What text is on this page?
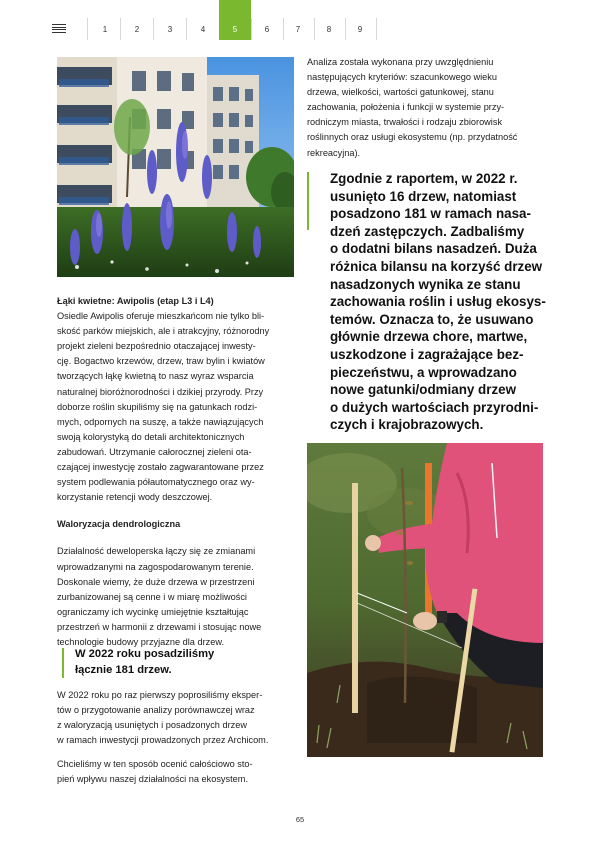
1	2	3	4	5	6	7	8	9

Analiza została wykonana przy uwzględnieniu

następujących kryteriów: szacunkowego wieku

drzewa, wielkości, wartości gatunkowej, stanu

zachowania, położenia i funkcji w systemie przy-

rodniczym miasta, trwałości i rodzaju zbiorowisk

roślinnych oraz usługi ekosystemu (np. przydatność

rekreacyjna).

Zgodnie z raportem, w 2022 r.

usunięto 16 drzew, natomiast

posadzono 181 w ramach nasa-

dzeń zastępczych. Zadbaliśmy

o dodatni bilans nasadzeń. Duża

różnica bilansu na korzyść drzew

nasadzonych wynika ze stanu

zachowania roślin i usług ekosys-

temów. Oznacza to, że usuwano

głównie drzewa chore, martwe,

uszkodzone i zagrażające bez-

pieczeństwu, a wprowadzano

nowe gatunki/odmiany drzew

o dużych wartościach przyrodni-

czych i krajobrazowych.

Łąki kwietne: Awipolis (etap L3 i L4)

Osiedle Awipolis oferuje mieszkańcom nie tylko bli-

skość parków miejskich, ale i atrakcyjny, różnorodny

projekt zieleni bezpośrednio otaczającej inwesty-

cję. Bogactwo krzewów, drzew, traw bylin i kwiatów

tworzących łąkę kwietną to nasz wyraz wsparcia

naturalnej bioróżnorodności i dzikiej przyrody. Przy

doborze roślin skupiliśmy się na gatunkach rodzi-

mych, odpornych na suszę, a także nawiązujących

swoją kolorystyką do detali architektonicznych

zabudowań. Utrzymanie całorocznej zieleni ota-

czającej inwestycję zostało zagwarantowane przez

system podlewania półautomatycznego oraz wy-

korzystanie retencji wody deszczowej.

Waloryzacja dendrologiczna

Działalność deweloperska łączy się ze zmianami

wprowadzanymi na zagospodarowanym terenie.

Doskonale wiemy, że duże drzewa w przestrzeni

zurbanizowanej są cenne i w miarę możliwości

ograniczamy ich wycinkę umiejętnie kształtując

przestrzeń w harmonii z drzewami i stosując nowe

technologie budowy przyjazne dla drzew.

W 2022 roku posadziliśmy

łącznie 181 drzew.

W 2022 roku po raz pierwszy poprosiliśmy eksper-

tów o przygotowanie analizy porównawczej wraz

z waloryzacją usuniętych i posadzonych drzew

w ramach inwestycji prowadzonych przez Archicom.

Chcieliśmy w ten sposób ocenić całościowo sto-

pień wpływu naszej działalności na ekosystem.

65
